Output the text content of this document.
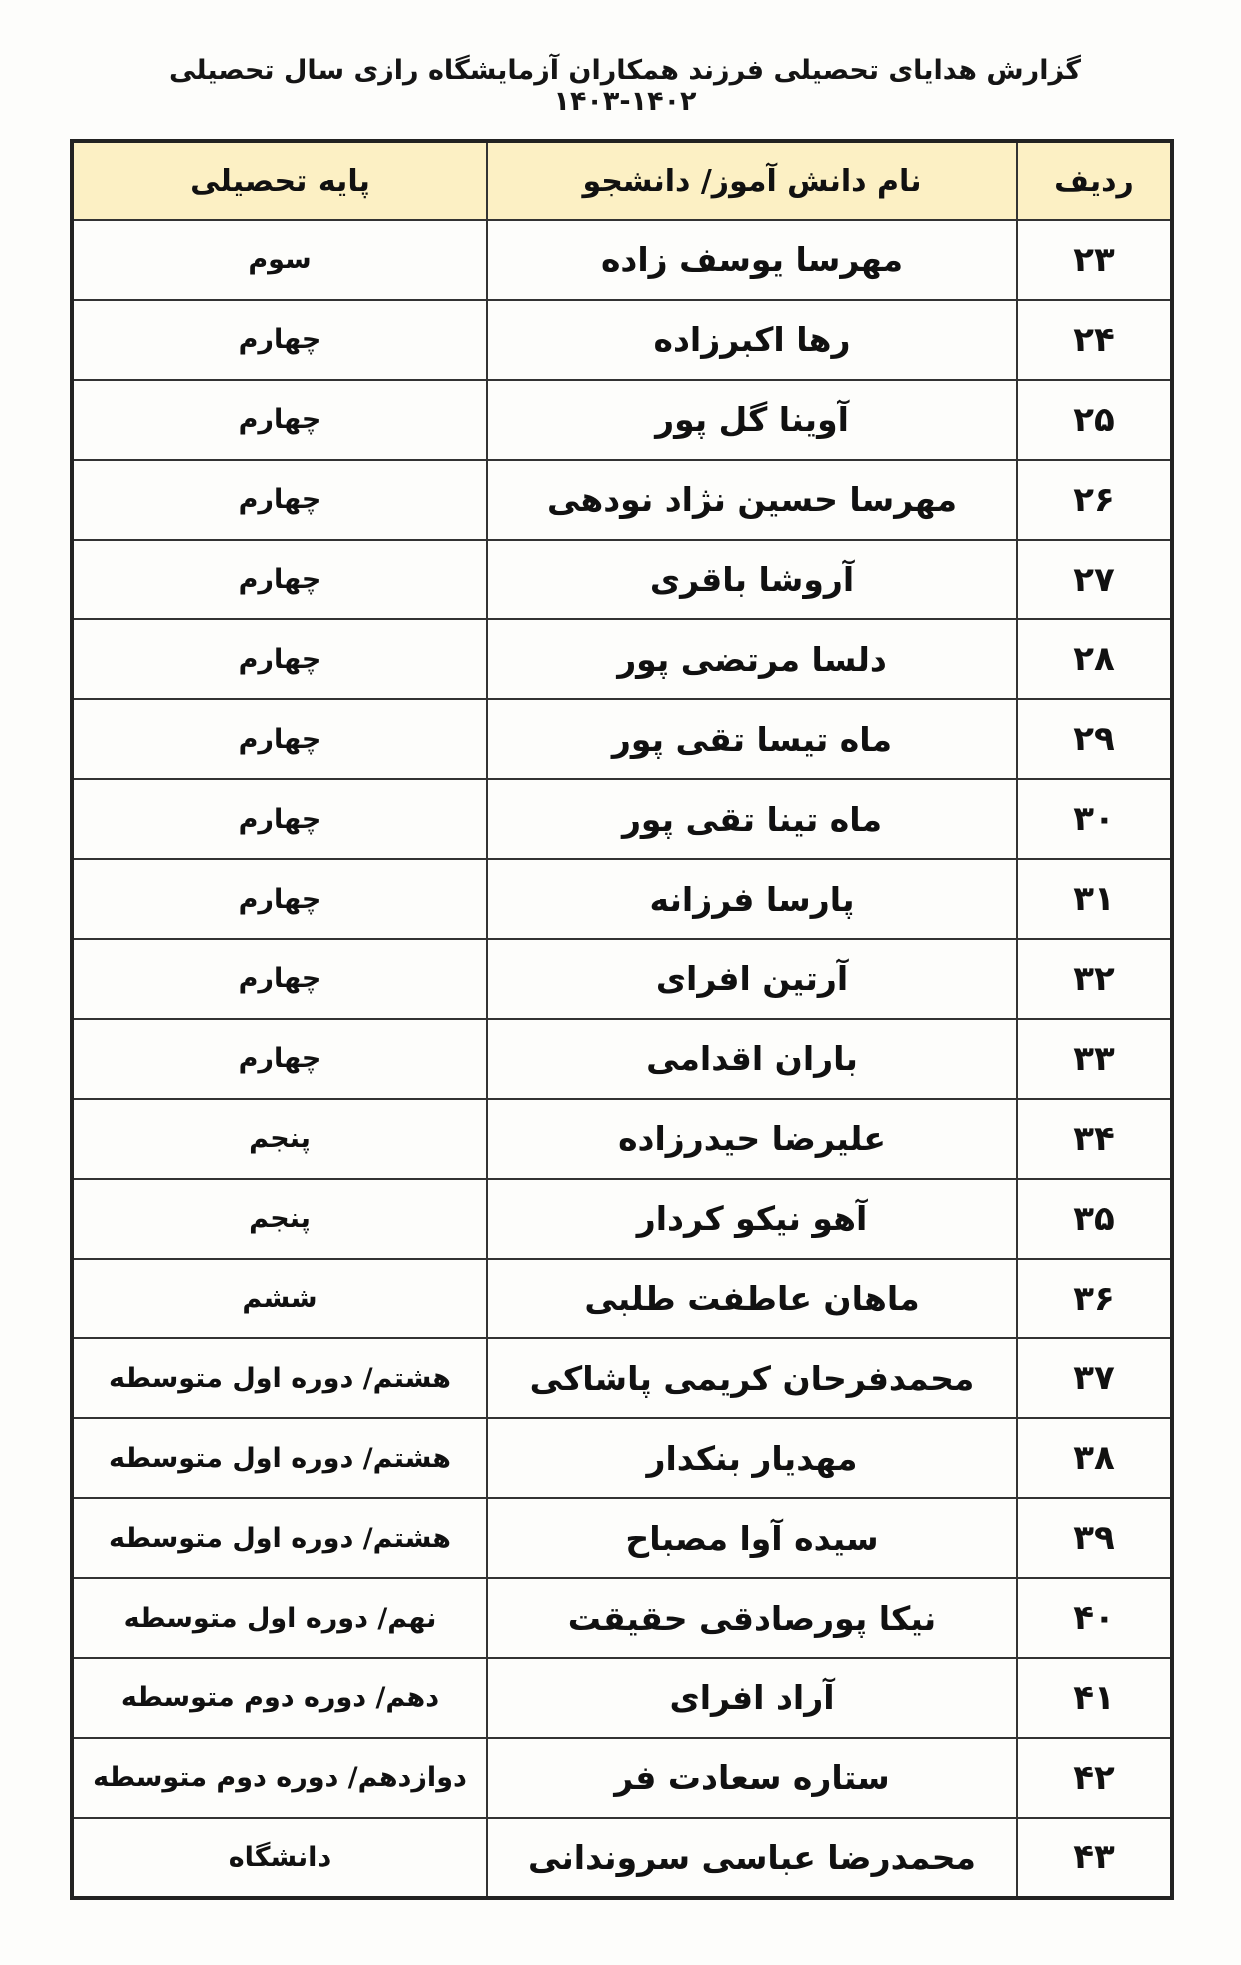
گزارش هدایای تحصیلی فرزند همکاران آزمایشگاه رازی سال تحصیلی ۱۴۰۲-۱۴۰۳
ردیف	نام دانش آموز/ دانشجو	پایه تحصیلی
۲۳	مهرسا یوسف زاده	سوم
۲۴	رها اکبرزاده	چهارم
۲۵	آوینا گل پور	چهارم
۲۶	مهرسا حسین نژاد نودهی	چهارم
۲۷	آروشا باقری	چهارم
۲۸	دلسا مرتضی پور	چهارم
۲۹	ماه تیسا تقی پور	چهارم
۳۰	ماه تینا تقی پور	چهارم
۳۱	پارسا فرزانه	چهارم
۳۲	آرتین افرای	چهارم
۳۳	باران اقدامی	چهارم
۳۴	علیرضا حیدرزاده	پنجم
۳۵	آهو نیکو کردار	پنجم
۳۶	ماهان عاطفت طلبی	ششم
۳۷	محمدفرحان کریمی پاشاکی	هشتم/ دوره اول متوسطه
۳۸	مهدیار بنکدار	هشتم/ دوره اول متوسطه
۳۹	سیده آوا مصباح	هشتم/ دوره اول متوسطه
۴۰	نیکا پورصادقی حقیقت	نهم/ دوره اول متوسطه
۴۱	آراد افرای	دهم/ دوره دوم متوسطه
۴۲	ستاره سعادت فر	دوازدهم/ دوره دوم متوسطه
۴۳	محمدرضا عباسی سروندانی	دانشگاه
